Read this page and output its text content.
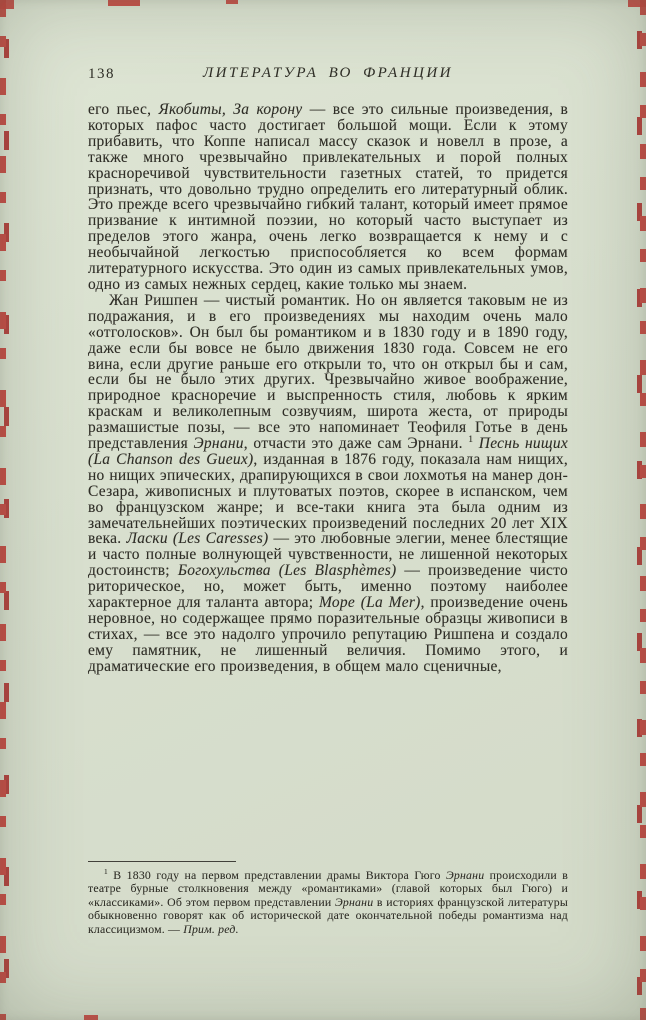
138	ЛИТЕРАТУРА ВО ФРАНЦИИ

его пьес, Якобиты, За корону — все это сильные произведения, в которых пафос часто достигает большой мощи. Если к этому прибавить, что Коппе написал массу сказок и новелл в прозе, а также много чрезвычайно привлекательных и порой полных красноречивой чувствительности газетных статей, то придется признать, что довольно трудно определить его литературный облик. Это прежде всего чрезвычайно гибкий талант, который имеет прямое призвание к интимной поэзии, но который часто выступает из пределов этого жанра, очень легко возвращается к нему и с необычайной легкостью приспособляется ко всем формам литературного искусства. Это один из самых привлекательных умов, одно из самых нежных сердец, какие только мы знаем.

Жан Ришпен — чистый романтик. Но он является таковым не из подражания, и в его произведениях мы находим очень мало «отголосков». Он был бы романтиком и в 1830 году и в 1890 году, даже если бы вовсе не было движения 1830 года. Совсем не его вина, если другие раньше его открыли то, что он открыл бы и сам, если бы не было этих других. Чрезвычайно живое воображение, природное красноречие и выспренность стиля, любовь к ярким краскам и великолепным созвучиям, широта жеста, от природы размашистые позы, — все это напоминает Теофиля Готье в день представления Эрнани, отчасти это даже сам Эрнани. $^1$ Песнь нищих (La Chanson des Gueux), изданная в 1876 году, показала нам нищих, но нищих эпических, драпирующихся в свои лохмотья на манер дон-Сезара, живописных и плутоватых поэтов, скорее в испанском, чем во французском жанре; и все-таки книга эта была одним из замечательнейших поэтических произведений последних 20 лет XIX века. Ласки (Les Caresses) — это любовные элегии, менее блестящие и часто полные волнующей чувственности, не лишенной некоторых достоинств; Богохульства (Les Blasphèmes) — произведение чисто риторическое, но, может быть, именно поэтому наиболее характерное для таланта автора; Море (La Mer), произведение очень неровное, но содержащее прямо поразительные образцы живописи в стихах, — все это надолго упрочило репутацию Ришпена и создало ему памятник, не лишенный величия. Помимо этого, и драматические его произведения, в общем мало сценичные,

$^1$ В 1830 году на первом представлении драмы Виктора Гюго Эрнани происходили в театре бурные столкновения между «романтиками» (главой которых был Гюго) и «классиками». Об этом первом представлении Эрнани в историях французской литературы обыкновенно говорят как об исторической дате окончательной победы романтизма над классицизмом. — Прим. ред.
